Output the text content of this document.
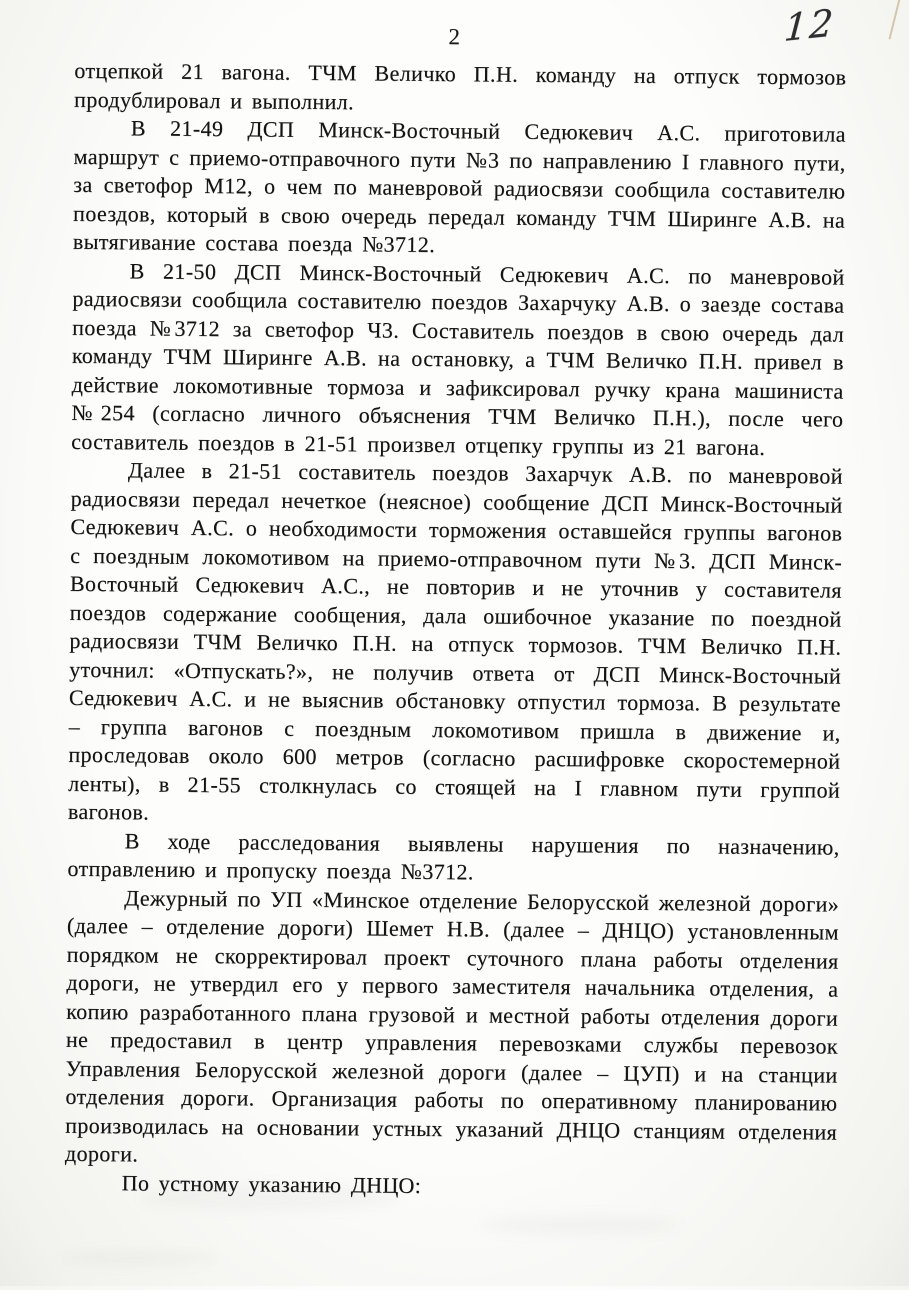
12
2

отцепкой 21 вагона. ТЧМ Величко П.Н. команду на отпуск тормозов продублировал и выполнил.

В 21-49 ДСП Минск-Восточный Седюкевич А.С. приготовила маршрут с приемо-отправочного пути №3 по направлению I главного пути, за светофор М12, о чем по маневровой радиосвязи сообщила составителю поездов, который в свою очередь передал команду ТЧМ Ширинге А.В. на вытягивание состава поезда №3712.

В 21-50 ДСП Минск-Восточный Седюкевич А.С. по маневровой радиосвязи сообщила составителю поездов Захарчуку А.В. о заезде состава поезда №3712 за светофор Ч3. Составитель поездов в свою очередь дал команду ТЧМ Ширинге А.В. на остановку, а ТЧМ Величко П.Н. привел в действие локомотивные тормоза и зафиксировал ручку крана машиниста №254 (согласно личного объяснения ТЧМ Величко П.Н.), после чего составитель поездов в 21-51 произвел отцепку группы из 21 вагона.

Далее в 21-51 составитель поездов Захарчук А.В. по маневровой радиосвязи передал нечеткое (неясное) сообщение ДСП Минск-Восточный Седюкевич А.С. о необходимости торможения оставшейся группы вагонов с поездным локомотивом на приемо-отправочном пути №3. ДСП Минск-Восточный Седюкевич А.С., не повторив и не уточнив у составителя поездов содержание сообщения, дала ошибочное указание по поездной радиосвязи ТЧМ Величко П.Н. на отпуск тормозов. ТЧМ Величко П.Н. уточнил: «Отпускать?», не получив ответа от ДСП Минск-Восточный Седюкевич А.С. и не выяснив обстановку отпустил тормоза. В результате – группа вагонов с поездным локомотивом пришла в движение и, проследовав около 600 метров (согласно расшифровке скоростемерной ленты), в 21-55 столкнулась со стоящей на I главном пути группой вагонов.

В ходе расследования выявлены нарушения по назначению, отправлению и пропуску поезда №3712.

Дежурный по УП «Минское отделение Белорусской железной дороги» (далее – отделение дороги) Шемет Н.В. (далее – ДНЦО) установленным порядком не скорректировал проект суточного плана работы отделения дороги, не утвердил его у первого заместителя начальника отделения, а копию разработанного плана грузовой и местной работы отделения дороги не предоставил в центр управления перевозками службы перевозок Управления Белорусской железной дороги (далее – ЦУП) и на станции отделения дороги. Организация работы по оперативному планированию производилась на основании устных указаний ДНЦО станциям отделения дороги.

По устному указанию ДНЦО:
